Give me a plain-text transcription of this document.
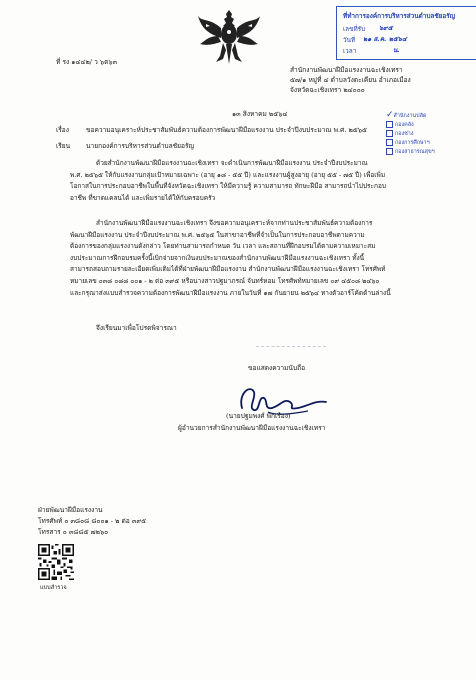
ที่ทำการองค์การบริหารส่วนตำบลชัยอรัญ
เลขที่รับ ๖๙๕
วันที่ ๒๑ ส.ค. ๒๕๖๔
เวลา	น.
ที่ รง ๑๔๔๒/ ว ๖ต๖๓
สำนักงานพัฒนาฝีมือแรงงานฉะเชิงเทรา
๕๗/๑ หมู่ที่ ๔ ตำบลวังตะเคียน อำเภอเมือง
จังหวัดฉะเชิงเทรา ๒๔๐๐๐
๑๓ สิงหาคม ๒๕๖๔	✓สำนักงานปลัด
กองคลัง
กองช่าง
กองการศึกษาฯ
กองสาธารณสุขฯ
เรื่อง	ขอความอนุเคราะห์ประชาสัมพันธ์ความต้องการพัฒนาฝีมือแรงงาน ประจำปีงบประมาณ พ.ศ. ๒๕๖๕
เรียน นายกองค์การบริหารส่วนตำบลชัยอรัญ
ด้วยสำนักงานพัฒนาฝีมือแรงงานฉะเชิงเทรา จะดำเนินการพัฒนาฝีมือแรงงาน ประจำปีงบประมาณ
พ.ศ. ๒๕๖๕ ให้กับแรงงานกลุ่มเป้าหมายเฉพาะ (อายุ ๑๘ - ๕๕ ปี) และแรงงานผู้สูงอายุ (อายุ ๕๕ - ๗๕ ปี) เพื่อเพิ่ม
โอกาสในการประกอบอาชีพในพื้นที่จังหวัดฉะเชิงเทรา ให้มีความรู้ ความสามารถ ทักษะฝีมือ สามารถนำไปประกอบ
อาชีพ ที่ขาดแคลนได้ และเพิ่มรายได้ให้กับครอบครัว
สำนักงานพัฒนาฝีมือแรงงานฉะเชิงเทรา จึงขอความอนุเคราะห์จากท่านประชาสัมพันธ์ความต้องการ
พัฒนาฝีมือแรงงาน ประจำปีงบประมาณ พ.ศ. ๒๕๖๕ ในสาขาอาชีพที่จำเป็นในการประกอบอาชีพตามความ
ต้องการของกลุ่มแรงงานดังกล่าว โดยท่านสามารถกำหนด วัน เวลา และสถานที่ฝึกอบรมได้ตามความเหมาะสม
งบประมาณการฝึกอบรมครั้งนี้เบิกจ่ายจากเงินงบประมาณของสำนักงานพัฒนาฝีมือแรงงานฉะเชิงเทรา ทั้งนี้
สามารถสอบถามรายละเอียดเพิ่มเติมได้ที่ฝ่ายพัฒนาฝีมือแรงงาน สำนักงานพัฒนาฝีมือแรงงานฉะเชิงเทรา โทรศัพท์
หมายเลข ๐๓๘ ๐๘๘ ๐๐๑ - ๒ ต่อ ๓๙๕ หรือนางสาวปฐมาภรณ์ จันทร์หอม โทรศัพท์หมายเลข ๐๙ ๔๕๐๘ ๒๔๖๐
และกรุณาส่งแบบสำรวจความต้องการพัฒนาฝีมือแรงงาน ภายในวันที่ ๑๗ กันยายน ๒๕๖๔ ทางตัวอาร์โค้ดด้านล่างนี้
จึงเรียนมาเพื่อโปรดพิจารณา
ขอแสดงความนับถือ
(นายปฐมพงศ์ พิกเรือง)
ผู้อำนวยการสำนักงานพัฒนาฝีมือแรงงานฉะเชิงเทรา
ฝ่ายพัฒนาฝีมือแรงงาน
โทรศัพท์ ๐ ๓๘๐๘ ๘๐๐๑ - ๒ ต่อ ๓๙๕
โทรสาร ๐ ๓๘๘๕ ๗๒๖๐
แบบสำรวจ
